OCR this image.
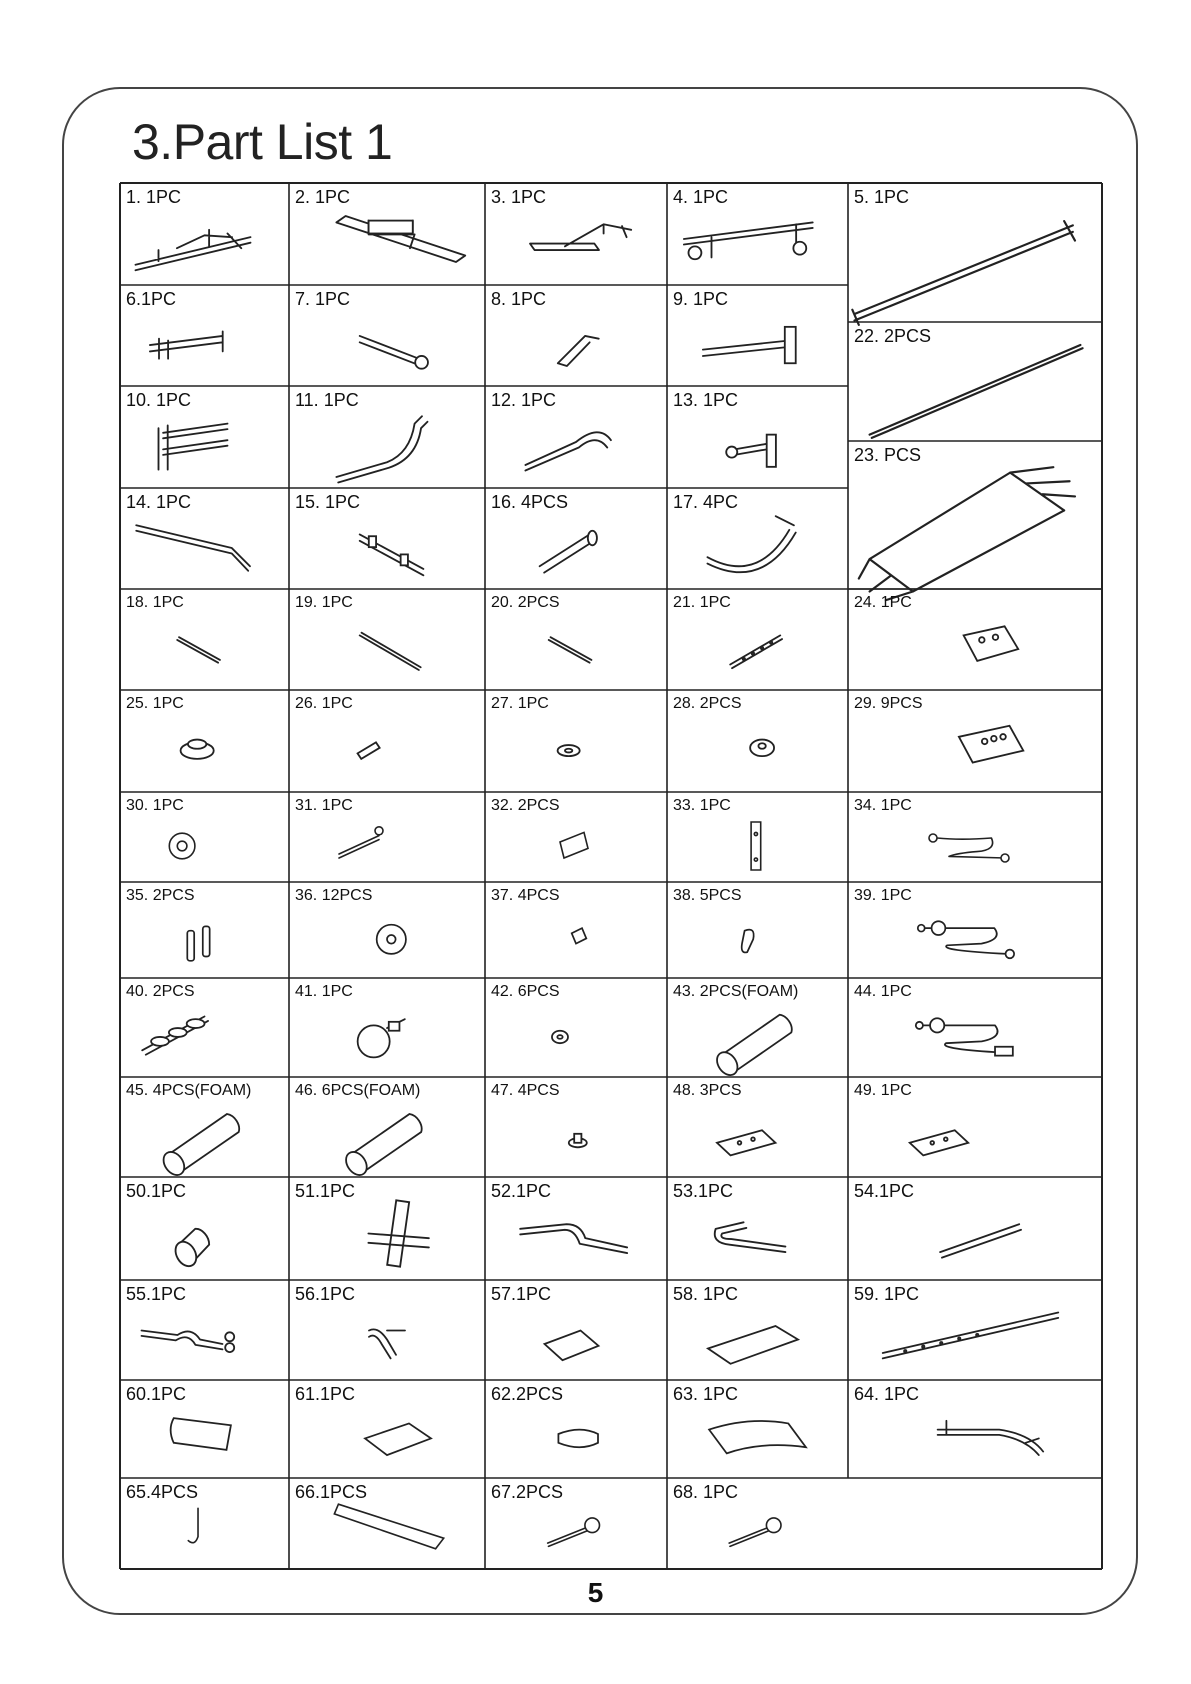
3.Part List 1
1. 1PC	2. 1PC	3. 1PC	4. 1PC	5. 1PC
6.1PC	7. 1PC	8. 1PC	9. 1PC
22. 2PCS
10. 1PC	11. 1PC	12. 1PC	13. 1PC
23. PCS
14. 1PC	15. 1PC	16. 4PCS	17. 4PC
18. 1PC	19. 1PC	20. 2PCS	21. 1PC	24. 1PC
25. 1PC	26. 1PC	27. 1PC	28. 2PCS	29. 9PCS
30. 1PC	31. 1PC	32. 2PCS	33. 1PC	34. 1PC
35. 2PCS	36. 12PCS	37. 4PCS	38. 5PCS	39. 1PC
40. 2PCS	41. 1PC	42. 6PCS	43. 2PCS(FOAM)	44. 1PC
45. 4PCS(FOAM)	46. 6PCS(FOAM)	47. 4PCS	48. 3PCS	49. 1PC
50.1PC	51.1PC	52.1PC	53.1PC	54.1PC
55.1PC	56.1PC	57.1PC	58. 1PC	59. 1PC
60.1PC	61.1PC	62.2PCS	63. 1PC	64. 1PC
65.4PCS	66.1PCS	67.2PCS	68. 1PC
5
